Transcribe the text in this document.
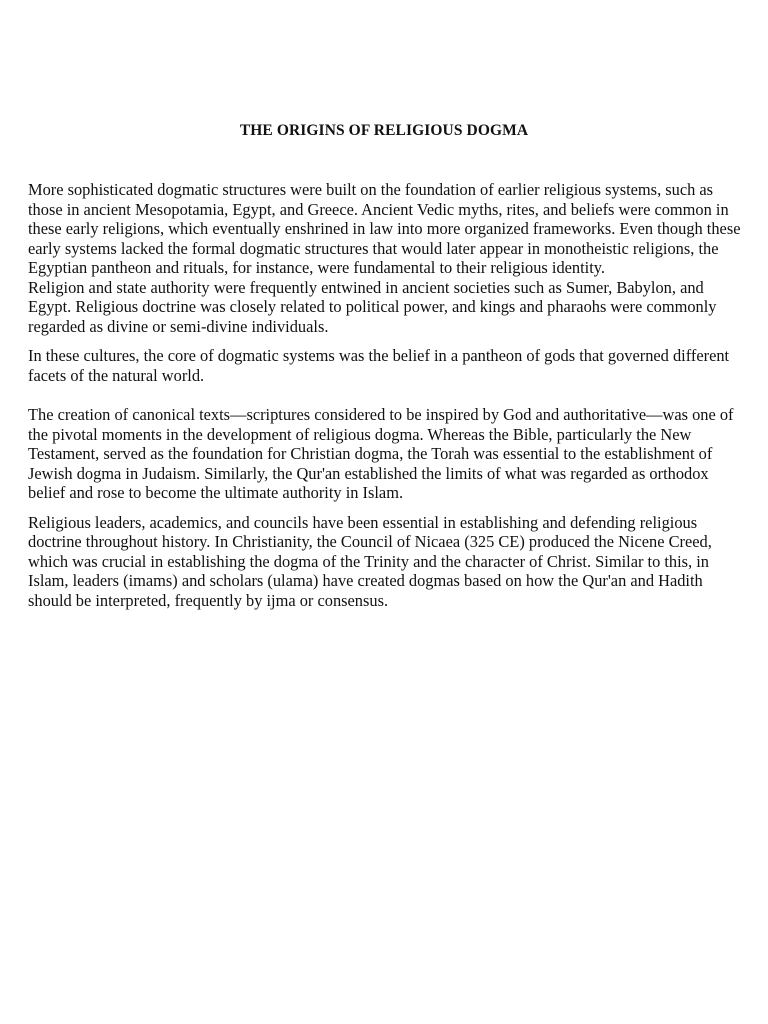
THE ORIGINS OF RELIGIOUS DOGMA

More sophisticated dogmatic structures were built on the foundation of earlier religious systems, such as those in ancient Mesopotamia, Egypt, and Greece. Ancient Vedic myths, rites, and beliefs were common in these early religions, which eventually enshrined in law into more organized frameworks. Even though these early systems lacked the formal dogmatic structures that would later appear in monotheistic religions, the Egyptian pantheon and rituals, for instance, were fundamental to their religious identity.

Religion and state authority were frequently entwined in ancient societies such as Sumer, Babylon, and Egypt. Religious doctrine was closely related to political power, and kings and pharaohs were commonly regarded as divine or semi-divine individuals.

In these cultures, the core of dogmatic systems was the belief in a pantheon of gods that governed different facets of the natural world.

The creation of canonical texts—scriptures considered to be inspired by God and authoritative—was one of the pivotal moments in the development of religious dogma. Whereas the Bible, particularly the New Testament, served as the foundation for Christian dogma, the Torah was essential to the establishment of Jewish dogma in Judaism. Similarly, the Qur'an established the limits of what was regarded as orthodox belief and rose to become the ultimate authority in Islam.

Religious leaders, academics, and councils have been essential in establishing and defending religious doctrine throughout history. In Christianity, the Council of Nicaea (325 CE) produced the Nicene Creed, which was crucial in establishing the dogma of the Trinity and the character of Christ. Similar to this, in Islam, leaders (imams) and scholars (ulama) have created dogmas based on how the Qur'an and Hadith should be interpreted, frequently by ijma or consensus.
